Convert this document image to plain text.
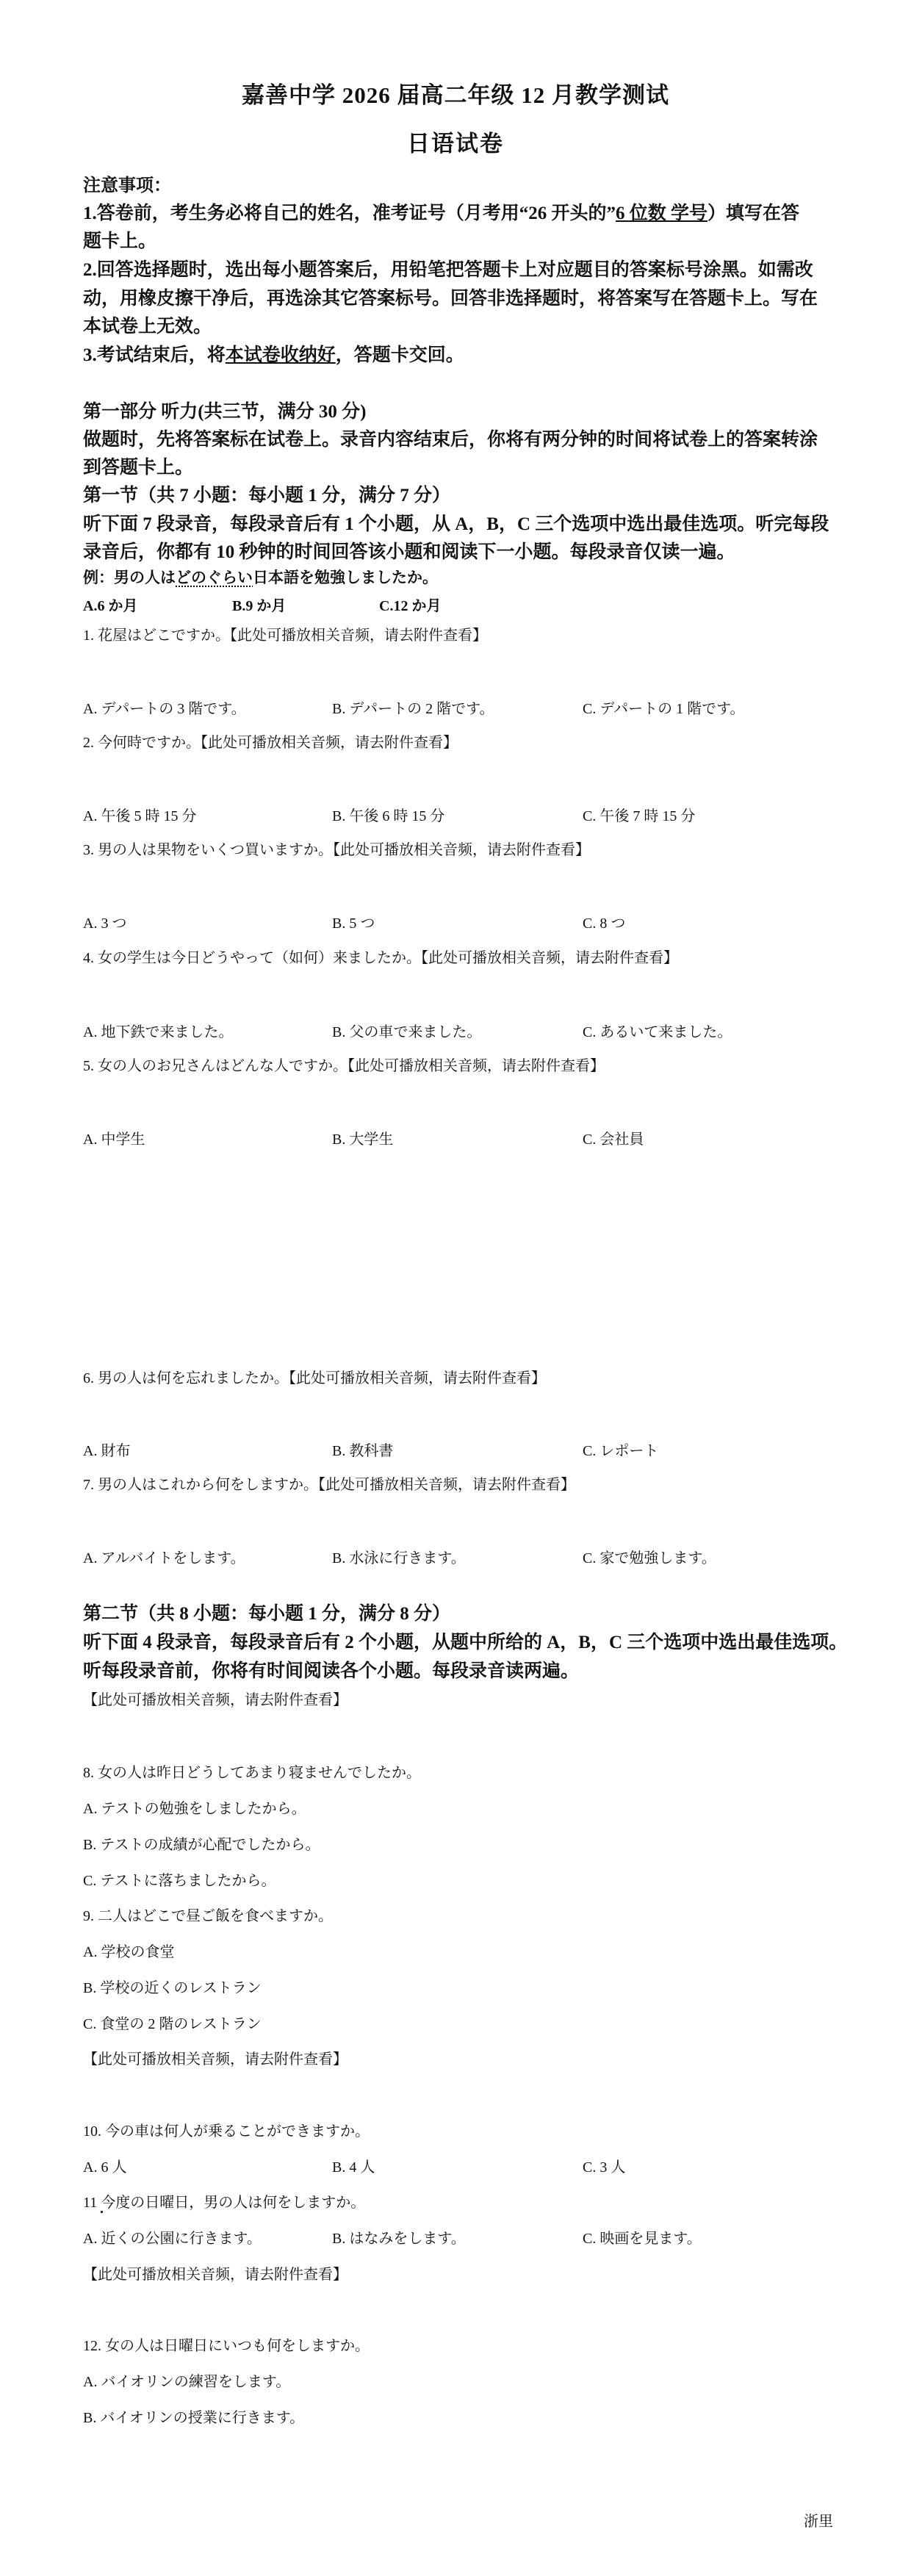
嘉善中学 2026 届高二年级 12 月教学测试
日语试卷
注意事项：
1.答卷前，考生务必将自己的姓名，准考证号（月考用“26 开头的”6 位数 学号）填写在答
题卡上。
2.回答选择题时，选出每小题答案后，用铅笔把答题卡上对应题目的答案标号涂黑。如需改
动，用橡皮擦干净后，再选涂其它答案标号。回答非选择题时，将答案写在答题卡上。写在
本试卷上无效。
3.考试结束后，将本试卷收纳好，答题卡交回。
第一部分 听力(共三节，满分 30 分)
做题时，先将答案标在试卷上。录音内容结束后，你将有两分钟的时间将试卷上的答案转涂
到答题卡上。
第一节（共 7 小题：每小题 1 分，满分 7 分）
听下面 7 段录音，每段录音后有 1 个小题，从 A，B，C 三个选项中选出最佳选项。听完每段
录音后，你都有 10 秒钟的时间回答该小题和阅读下一小题。每段录音仅读一遍。
例：男の人はどのぐらい日本語を勉強しましたか。
A.6 か月	B.9 か月	C.12 か月
1. 花屋はどこですか。【此处可播放相关音频，请去附件查看】
A. デパートの 3 階です。	B. デパートの 2 階です。	C. デパートの 1 階です。
2. 今何時ですか。【此处可播放相关音频，请去附件查看】
A. 午後 5 時 15 分	B. 午後 6 時 15 分	C. 午後 7 時 15 分
3. 男の人は果物をいくつ買いますか。【此处可播放相关音频，请去附件查看】
A. 3 つ	B. 5 つ	C. 8 つ
4. 女の学生は今日どうやって（如何）来ましたか。【此处可播放相关音频，请去附件查看】
A. 地下鉄で来ました。	B. 父の車で来ました。	C. あるいて来ました。
5. 女の人のお兄さんはどんな人ですか。【此处可播放相关音频，请去附件查看】
A. 中学生	B. 大学生	C. 会社員
6. 男の人は何を忘れましたか。【此处可播放相关音频，请去附件查看】
A. 財布	B. 教科書	C. レポート
7. 男の人はこれから何をしますか。【此处可播放相关音频，请去附件查看】
A. アルバイトをします。	B. 水泳に行きます。	C. 家で勉強します。
第二节（共 8 小题：每小题 1 分，满分 8 分）
听下面 4 段录音，每段录音后有 2 个小题，从题中所给的 A，B，C 三个选项中选出最佳选项。
听每段录音前，你将有时间阅读各个小题。每段录音读两遍。
【此处可播放相关音频，请去附件查看】
8. 女の人は昨日どうしてあまり寝ませんでしたか。
A. テストの勉強をしましたから。
B. テストの成績が心配でしたから。
C. テストに落ちましたから。
9. 二人はどこで昼ご飯を食べますか。
A. 学校の食堂
B. 学校の近くのレストラン
C. 食堂の 2 階のレストラン
【此处可播放相关音频，请去附件查看】
10. 今の車は何人が乗ることができますか。
A. 6 人	B. 4 人	C. 3 人
11 今度の日曜日，男の人は何をしますか。
A. 近くの公園に行きます。	B. はなみをします。	C. 映画を見ます。
【此处可播放相关音频，请去附件查看】
12. 女の人は日曜日にいつも何をしますか。
A. バイオリンの練習をします。
B. バイオリンの授業に行きます。
浙里
